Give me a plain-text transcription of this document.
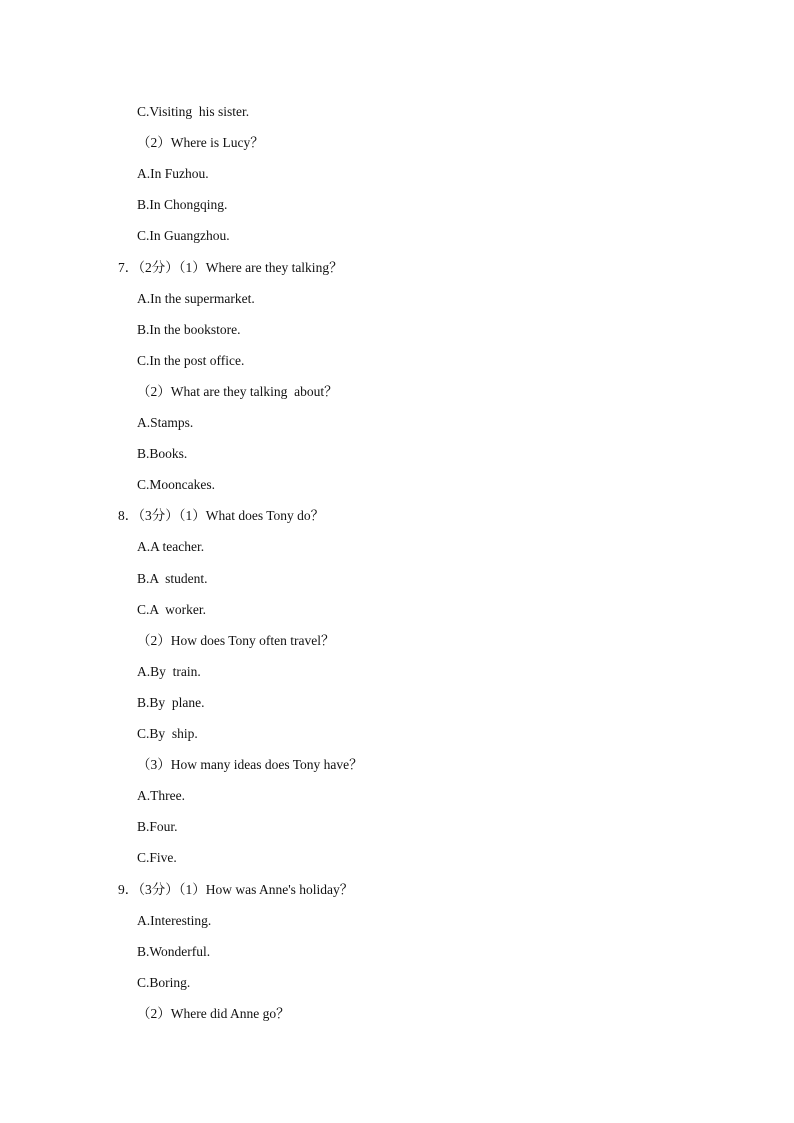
C.Visiting  his sister.
（2）Where is Lucy？
A.In Fuzhou.
B.In Chongqing.
C.In Guangzhou.
7．（2分）（1）Where are they talking？
A.In the supermarket.
B.In the bookstore.
C.In the post office.
（2）What are they talking  about？
A.Stamps.
B.Books.
C.Mooncakes.
8．（3分）（1）What does Tony do？
A.A teacher.
B.A  student.
C.A  worker.
（2）How does Tony often travel？
A.By  train.
B.By  plane.
C.By  ship.
（3）How many ideas does Tony have？
A.Three.
B.Four.
C.Five.
9．（3分）（1）How was Anne's holiday？
A.Interesting.
B.Wonderful.
C.Boring.
（2）Where did Anne go？
